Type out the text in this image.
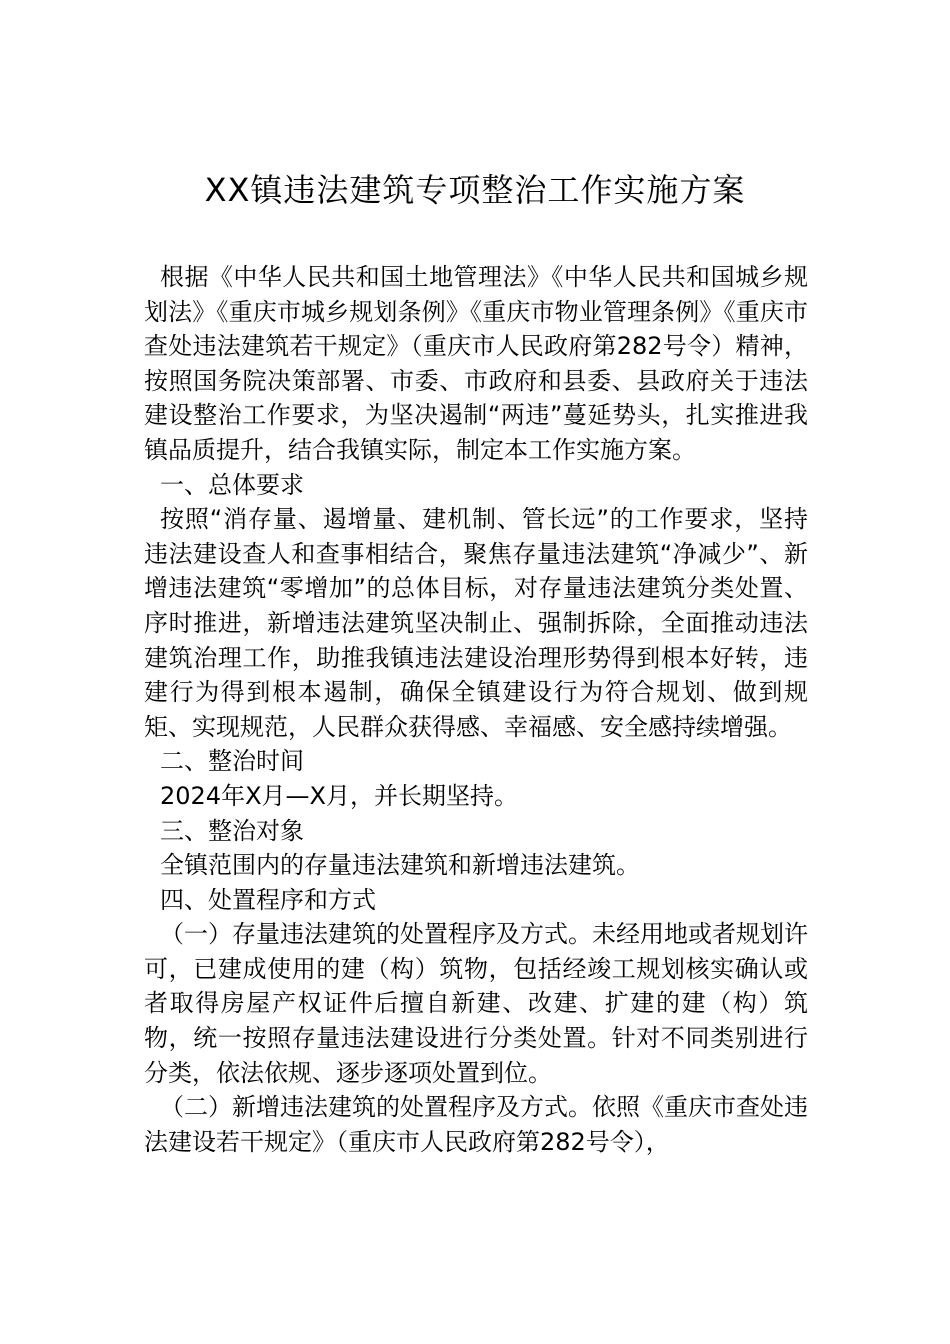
XX镇违法建筑专项整治工作实施方案

根据《中华人民共和国土地管理法》《中华人民共和国城乡规划法》《重庆市城乡规划条例》《重庆市物业管理条例》《重庆市查处违法建筑若干规定》（重庆市人民政府第282号令）精神，按照国务院决策部署、市委、市政府和县委、县政府关于违法建设整治工作要求，为坚决遏制“两违”蔓延势头，扎实推进我镇品质提升，结合我镇实际，制定本工作实施方案。

一、总体要求

按照“消存量、遏增量、建机制、管长远”的工作要求，坚持违法建设查人和查事相结合，聚焦存量违法建筑“净减少”、新增违法建筑“零增加”的总体目标，对存量违法建筑分类处置、序时推进，新增违法建筑坚决制止、强制拆除，全面推动违法建筑治理工作，助推我镇违法建设治理形势得到根本好转，违建行为得到根本遏制，确保全镇建设行为符合规划、做到规矩、实现规范，人民群众获得感、幸福感、安全感持续增强。

二、整治时间

2024年X月—X月，并长期坚持。

三、整治对象

全镇范围内的存量违法建筑和新增违法建筑。

四、处置程序和方式

（一）存量违法建筑的处置程序及方式。未经用地或者规划许可，已建成使用的建（构）筑物，包括经竣工规划核实确认或者取得房屋产权证件后擅自新建、改建、扩建的建（构）筑物，统一按照存量违法建设进行分类处置。针对不同类别进行分类，依法依规、逐步逐项处置到位。

（二）新增违法建筑的处置程序及方式。依照《重庆市查处违法建设若干规定》（重庆市人民政府第282号令），
